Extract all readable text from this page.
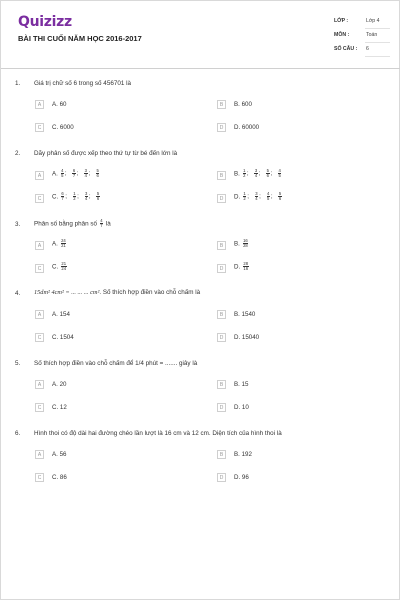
Quizizz
BÀI THI CUỐI NĂM HỌC 2016-2017
LỚP :	Lớp 4
MÔN :	Toán
SỐ CÂU : 6
1. Giá trị chữ số 6 trong số 456701 là
A	A. 60	B	B. 600
C	C. 6000	D	D. 60000
2. Dãy phân số được xếp theo thứ tự từ bé đến lớn là
A	A. $\frac{4}{5}$ ; $\frac{6}{7}$ ; $\frac{3}{4}$ ; $\frac{5}{6}$	B	B. $\frac{1}{2}$ ; $\frac{3}{4}$ ; $\frac{5}{6}$ ; $\frac{4}{5}$
C	C. $\frac{6}{7}$ ; $\frac{1}{2}$ ; $\frac{3}{4}$ ; $\frac{5}{6}$	D	D. $\frac{1}{2}$ ; $\frac{3}{4}$ ; $\frac{4}{5}$ ; $\frac{5}{6}$
3. Phân số bằng phân số $\frac{4}{7}$ là
A	A. $\frac{24}{21}$	B	B. $\frac{16}{28}$
C	C. $\frac{21}{24}$	D	D. $\frac{28}{16}$
4. 15dm² 4cm² = ... ... ... cm². Số thích hợp điền vào chỗ chấm là
A	A. 154	B	B. 1540
C	C. 1504	D	D. 15040
5. Số thích hợp điền vào chỗ chấm để 1/4 phút = ....... giây là
A	A. 20	B	B. 15
C	C. 12	D	D. 10
6. Hình thoi có độ dài hai đường chéo lần lượt là 16 cm và 12 cm. Diện tích của hình thoi là
A	A. 56	B	B. 192
C	C. 86	D	D. 96
